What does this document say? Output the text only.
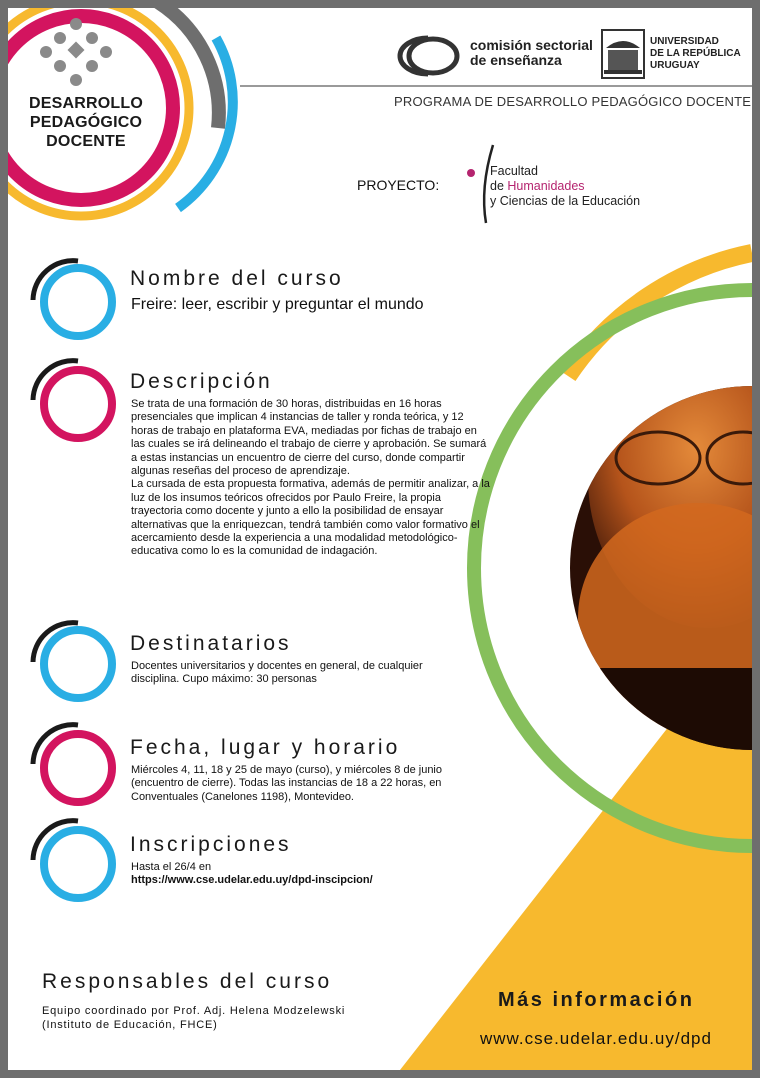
DESARROLLO
PEDAGÓGICO
DOCENTE
comisión sectorial
de enseñanza
UNIVERSIDAD
DE LA REPÚBLICA
URUGUAY
PROGRAMA DE DESARROLLO PEDAGÓGICO DOCENTE
PROYECTO:
Facultad
de Humanidades
y Ciencias de la Educación
Nombre del curso
Freire: leer, escribir y preguntar el mundo
Descripción
Se trata de una formación de 30 horas, distribuidas en 16 horas presenciales que implican 4 instancias de taller y ronda teórica, y 12 horas de trabajo en plataforma EVA, mediadas por fichas de trabajo en las cuales se irá delineando el trabajo de cierre y aprobación. Se sumará a estas instancias un encuentro de cierre del curso, donde compartir algunas reseñas del proceso de aprendizaje.
La cursada de esta propuesta formativa, además de permitir analizar, a la luz de los insumos teóricos ofrecidos por Paulo Freire, la propia trayectoria como docente y junto a ello la posibilidad de ensayar alternativas que la enriquezcan, tendrá también como valor formativo el acercamiento desde la experiencia a una modalidad metodológico-educativa como lo es la comunidad de indagación.
Destinatarios
Docentes universitarios y docentes en general, de cualquier disciplina. Cupo máximo: 30 personas
Fecha, lugar y horario
Miércoles 4, 11, 18 y 25 de mayo (curso), y miércoles 8 de junio (encuentro de cierre). Todas las instancias de 18 a 22 horas, en Conventuales (Canelones 1198), Montevideo.
Inscripciones
Hasta el 26/4 en
https://www.cse.udelar.edu.uy/dpd-inscipcion/
Responsables del curso
Equipo coordinado por Prof. Adj. Helena Modzelewski
(Instituto de Educación, FHCE)
Más información
www.cse.udelar.edu.uy/dpd
